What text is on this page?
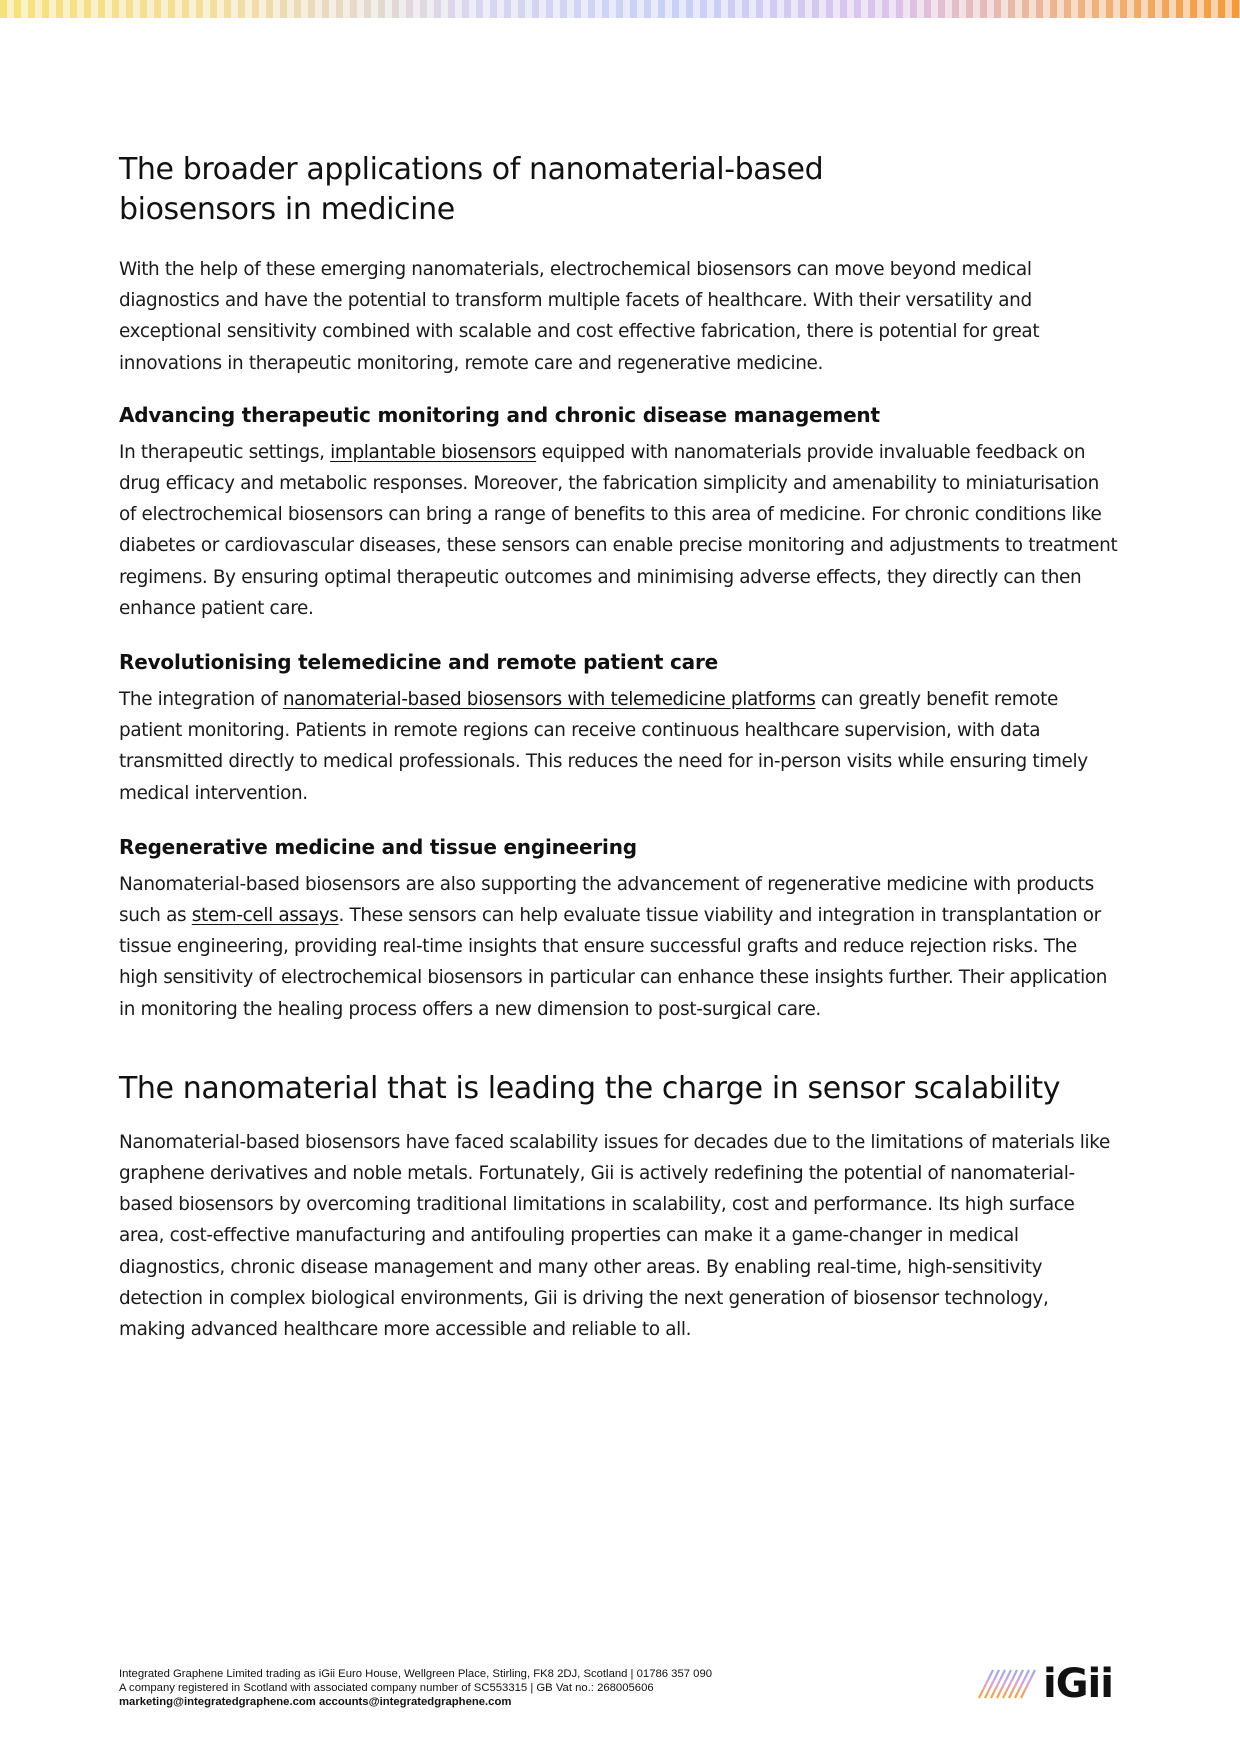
The broader applications of nanomaterial-based biosensors in medicine

With the help of these emerging nanomaterials, electrochemical biosensors can move beyond medical diagnostics and have the potential to transform multiple facets of healthcare. With their versatility and exceptional sensitivity combined with scalable and cost effective fabrication, there is potential for great innovations in therapeutic monitoring, remote care and regenerative medicine.

Advancing therapeutic monitoring and chronic disease management

In therapeutic settings, implantable biosensors equipped with nanomaterials provide invaluable feedback on drug efficacy and metabolic responses. Moreover, the fabrication simplicity and amenability to miniaturisation of electrochemical biosensors can bring a range of benefits to this area of medicine. For chronic conditions like diabetes or cardiovascular diseases, these sensors can enable precise monitoring and adjustments to treatment regimens. By ensuring optimal therapeutic outcomes and minimising adverse effects, they directly can then enhance patient care.

Revolutionising telemedicine and remote patient care

The integration of nanomaterial-based biosensors with telemedicine platforms can greatly benefit remote patient monitoring. Patients in remote regions can receive continuous healthcare supervision, with data transmitted directly to medical professionals. This reduces the need for in-person visits while ensuring timely medical intervention.

Regenerative medicine and tissue engineering

Nanomaterial-based biosensors are also supporting the advancement of regenerative medicine with products such as stem-cell assays. These sensors can help evaluate tissue viability and integration in transplantation or tissue engineering, providing real-time insights that ensure successful grafts and reduce rejection risks. The high sensitivity of electrochemical biosensors in particular can enhance these insights further. Their application in monitoring the healing process offers a new dimension to post-surgical care.

The nanomaterial that is leading the charge in sensor scalability

Nanomaterial-based biosensors have faced scalability issues for decades due to the limitations of materials like graphene derivatives and noble metals. Fortunately, Gii is actively redefining the potential of nanomaterial-based biosensors by overcoming traditional limitations in scalability, cost and performance. Its high surface area, cost-effective manufacturing and antifouling properties can make it a game-changer in medical diagnostics, chronic disease management and many other areas. By enabling real-time, high-sensitivity detection in complex biological environments, Gii is driving the next generation of biosensor technology, making advanced healthcare more accessible and reliable to all.

Integrated Graphene Limited trading as iGii Euro House, Wellgreen Place, Stirling, FK8 2DJ, Scotland | 01786 357 090
A company registered in Scotland with associated company number of SC553315 | GB Vat no.: 268005606
marketing@integratedgraphene.com accounts@integratedgraphene.com	iGii
